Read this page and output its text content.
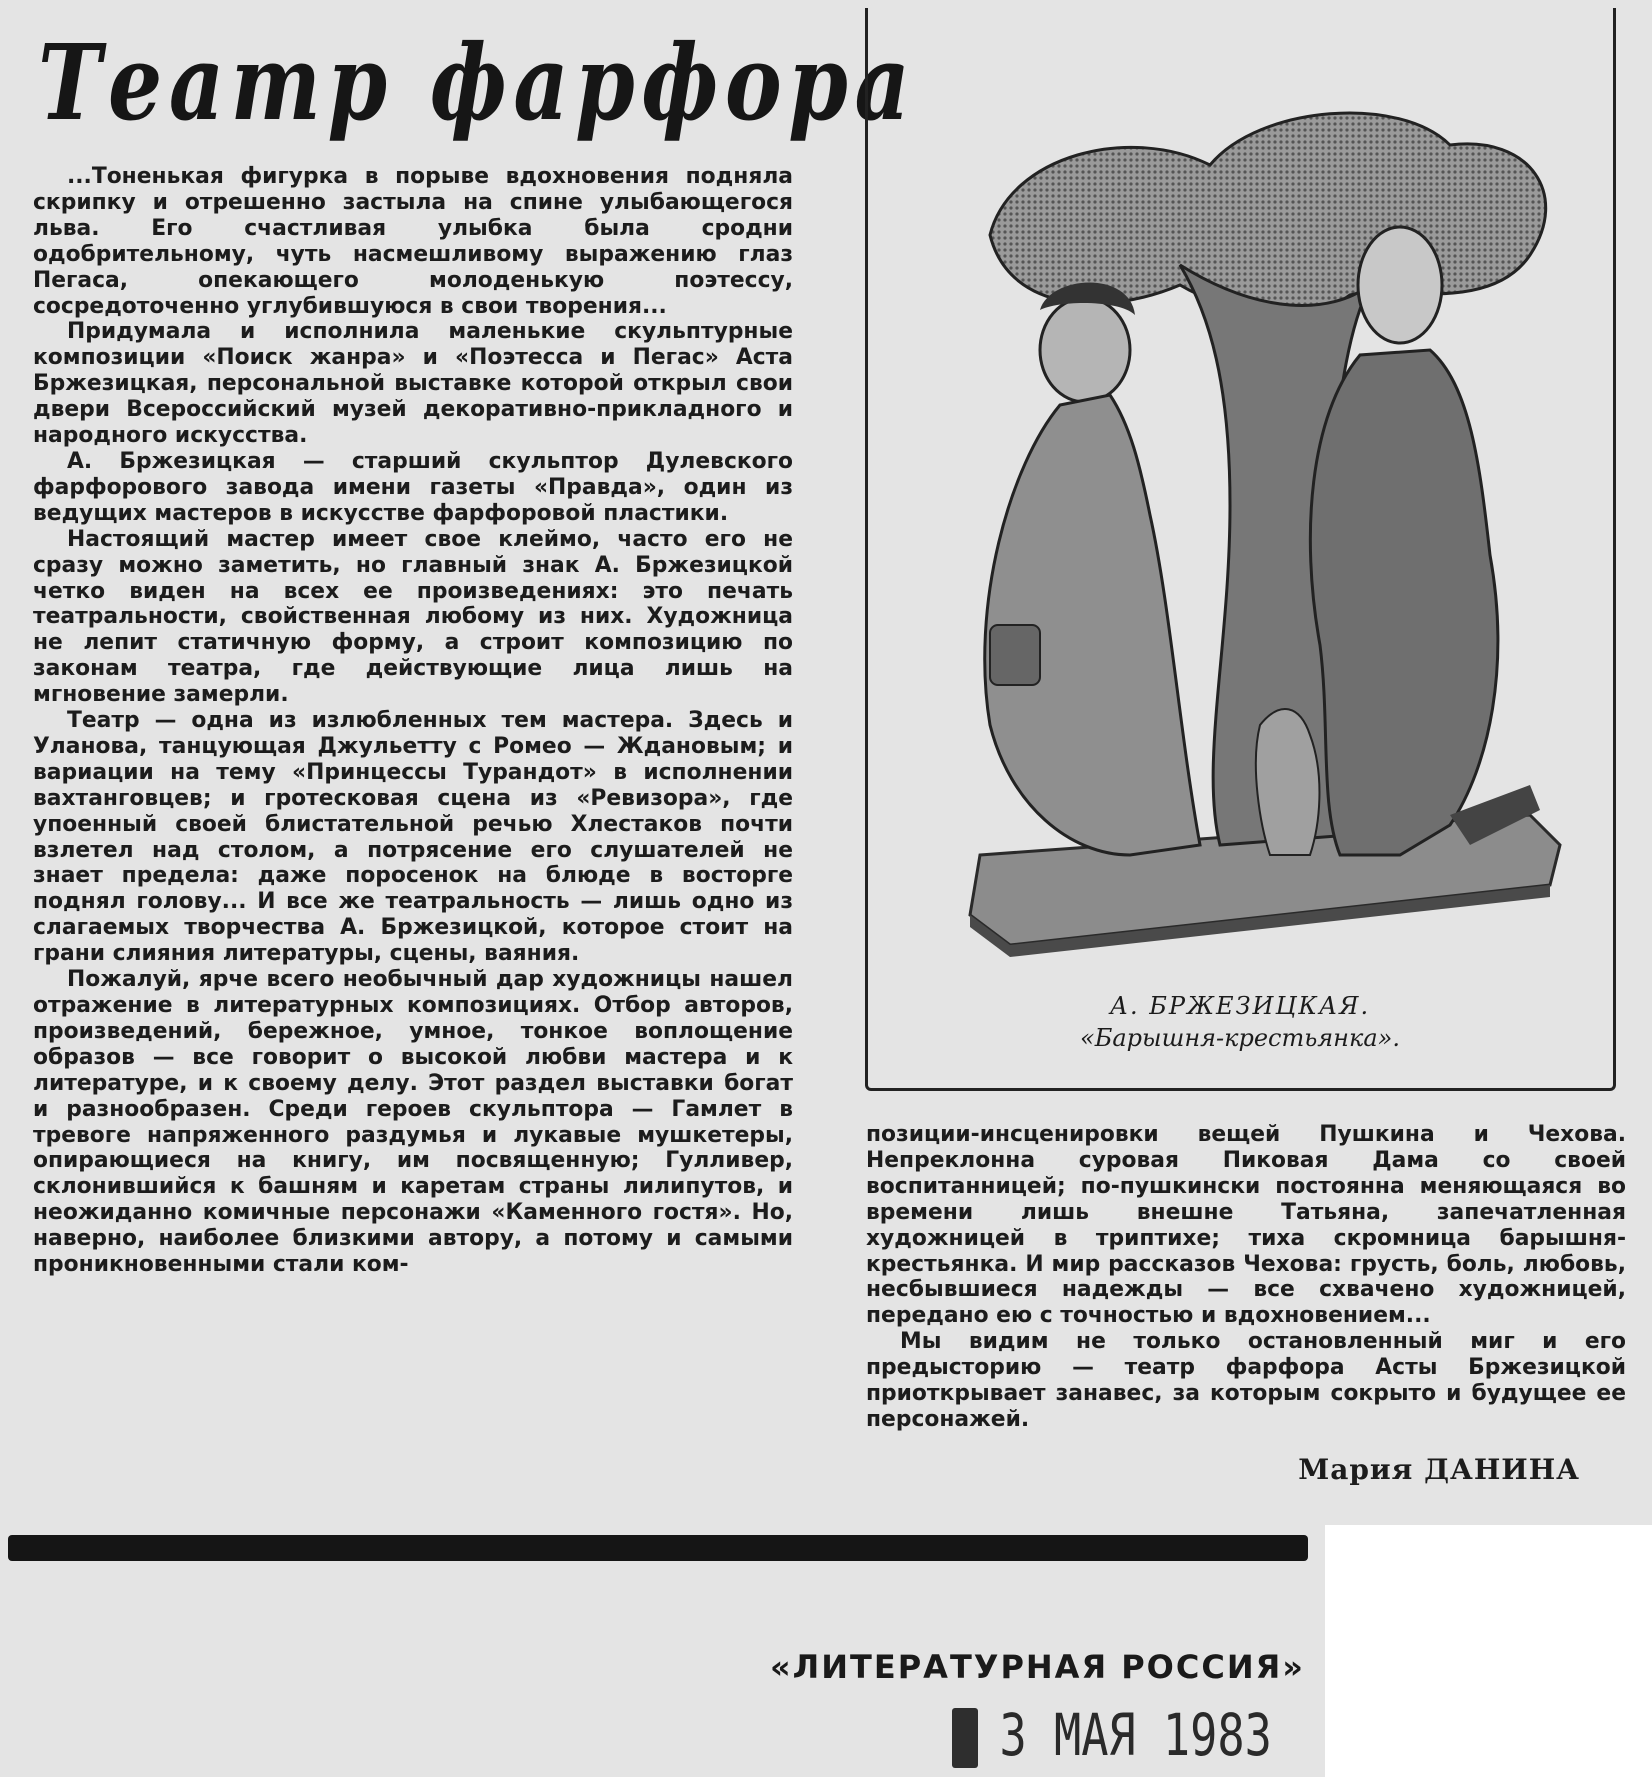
Театр фарфора

...Тоненькая фигурка в порыве вдохновения подняла скрипку и отрешенно застыла на спине улыбающегося льва. Его счастливая улыбка была сродни одобрительному, чуть насмешливому выражению глаз Пегаса, опекающего молоденькую поэтессу, сосредоточенно углубившуюся в свои творения...

Придумала и исполнила маленькие скульптурные композиции «Поиск жанра» и «Поэтесса и Пегас» Аста Бржезицкая, персональной выставке которой открыл свои двери Всероссийский музей декоративно-прикладного и народного искусства.

А. Бржезицкая — старший скульптор Дулевского фарфорового завода имени газеты «Правда», один из ведущих мастеров в искусстве фарфоровой пластики.

Настоящий мастер имеет свое клеймо, часто его не сразу можно заметить, но главный знак А. Бржезицкой четко виден на всех ее произведениях: это печать театральности, свойственная любому из них. Художница не лепит статичную форму, а строит композицию по законам театра, где действующие лица лишь на мгновение замерли.

Театр — одна из излюбленных тем мастера. Здесь и Уланова, танцующая Джульетту с Ромео — Ждановым; и вариации на тему «Принцессы Турандот» в исполнении вахтанговцев; и гротесковая сцена из «Ревизора», где упоенный своей блистательной речью Хлестаков почти взлетел над столом, а потрясение его слушателей не знает предела: даже поросенок на блюде в восторге поднял голову... И все же театральность — лишь одно из слагаемых творчества А. Бржезицкой, которое стоит на грани слияния литературы, сцены, ваяния.

Пожалуй, ярче всего необычный дар художницы нашел отражение в литературных композициях. Отбор авторов, произведений, бережное, умное, тонкое воплощение образов — все говорит о высокой любви мастера и к литературе, и к своему делу. Этот раздел выставки богат и разнообразен. Среди героев скульптора — Гамлет в тревоге напряженного раздумья и лукавые мушкетеры, опирающиеся на книгу, им посвященную; Гулливер, склонившийся к башням и каретам страны лилипутов, и неожиданно комичные персонажи «Каменного гостя». Но, наверно, наиболее близкими автору, а потому и самыми проникновенными стали ком-

А. БРЖЕЗИЦКАЯ.
«Барышня-крестьянка».

позиции-инсценировки вещей Пушкина и Чехова. Непреклонна суровая Пиковая Дама со своей воспитанницей; по-пушкински постоянна меняющаяся во времени лишь внешне Татьяна, запечатленная художницей в триптихе; тиха скромница барышня-крестьянка. И мир рассказов Чехова: грусть, боль, любовь, несбывшиеся надежды — все схвачено художницей, передано ею с точностью и вдохновением...

Мы видим не только остановленный миг и его предысторию — театр фарфора Асты Бржезицкой приоткрывает занавес, за которым сокрыто и будущее ее персонажей.

Мария ДАНИНА
«ЛИТЕРАТУРНАЯ РОССИЯ»
3 МАЯ 1983
